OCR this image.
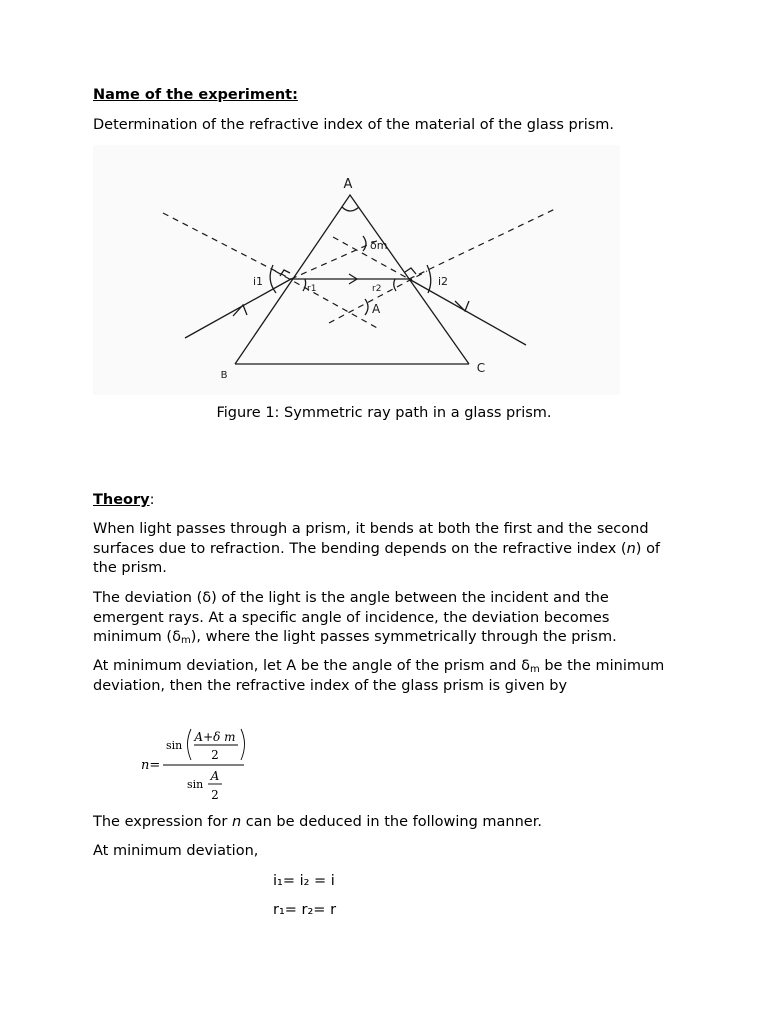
Name of the experiment:

Determination of the refractive index of the material of the glass prism.

A
B
C
i1	i2
r1	r2
δm
A
Figure 1: Symmetric ray path in a glass prism.

Theory:

When light passes through a prism, it bends at both the first and the second surfaces due to refraction. The bending depends on the refractive index (n) of the prism.

The deviation (δ) of the light is the angle between the incident and the emergent rays. At a specific angle of incidence, the deviation becomes minimum $(\delta_m)$, where the light passes symmetrically through the prism.

At minimum deviation, let A be the angle of the prism and $\delta_m$ be the minimum deviation, then the refractive index of the glass prism is given by

n=
sin
A+δ m
2
sin
A
2

The expression for n can be deduced in the following manner.

At minimum deviation,

i₁= i₂ = i
r₁= r₂= r
